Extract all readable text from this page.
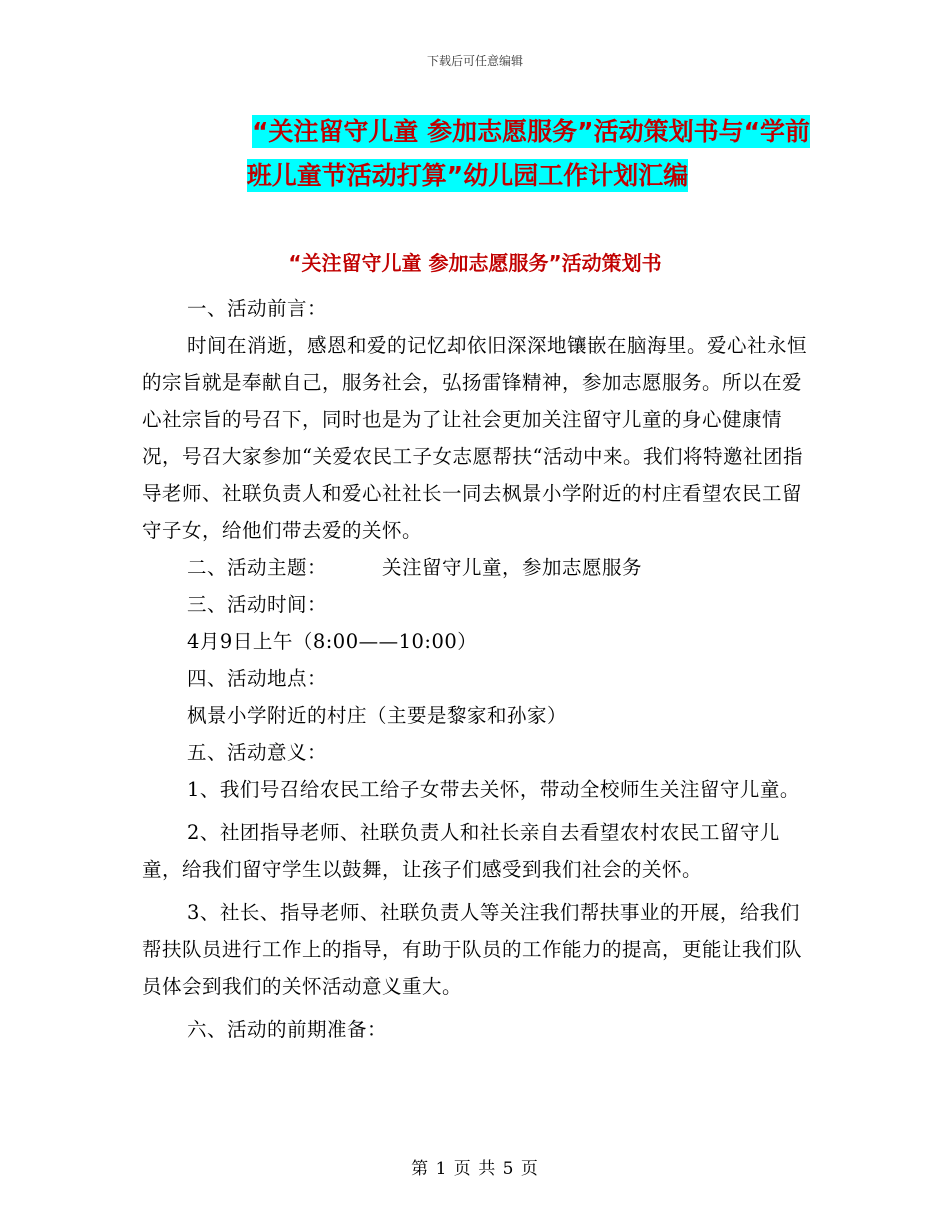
下载后可任意编辑
“关注留守儿童 参加志愿服务”活动策划书与“学前
班儿童节活动打算”幼儿园工作计划汇编
“关注留守儿童 参加志愿服务”活动策划书

一、活动前言：

时间在消逝，感恩和爱的记忆却依旧深深地镶嵌在脑海里。爱心社永恒的宗旨就是奉献自己，服务社会，弘扬雷锋精神，参加志愿服务。所以在爱心社宗旨的号召下，同时也是为了让社会更加关注留守儿童的身心健康情况，号召大家参加“关爱农民工子女志愿帮扶“活动中来。我们将特邀社团指导老师、社联负责人和爱心社社长一同去枫景小学附近的村庄看望农民工留守子女，给他们带去爱的关怀。

二、活动主题：	关注留守儿童，参加志愿服务

三、活动时间：

4月9日上午（8:00——10:00）

四、活动地点：

枫景小学附近的村庄（主要是黎家和孙家）

五、活动意义：

1、我们号召给农民工给子女带去关怀，带动全校师生关注留守儿童。

2、社团指导老师、社联负责人和社长亲自去看望农村农民工留守儿童，给我们留守学生以鼓舞，让孩子们感受到我们社会的关怀。

3、社长、指导老师、社联负责人等关注我们帮扶事业的开展，给我们帮扶队员进行工作上的指导，有助于队员的工作能力的提高，更能让我们队员体会到我们的关怀活动意义重大。

六、活动的前期准备：

第 1 页 共 5 页
